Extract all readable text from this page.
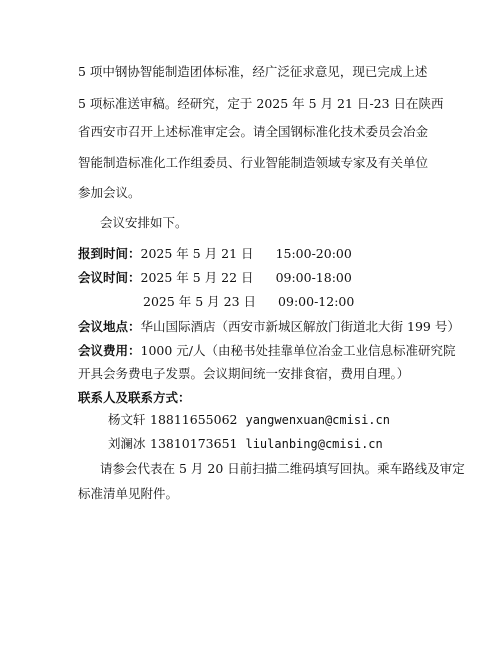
5 项中钢协智能制造团体标准，经广泛征求意见，现已完成上述
5 项标准送审稿。经研究，定于 2025 年 5 月 21 日-23 日在陕西
省西安市召开上述标准审定会。请全国钢标准化技术委员会冶金
智能制造标准化工作组委员、行业智能制造领域专家及有关单位
参加会议。
会议安排如下。
报到时间：2025 年 5 月 21 日 15:00-20:00
会议时间：2025 年 5 月 22 日 09:00-18:00
2025 年 5 月 23 日 09:00-12:00
会议地点：华山国际酒店（西安市新城区解放门街道北大街 199 号）
会议费用：1000 元/人（由秘书处挂靠单位冶金工业信息标准研究院
开具会务费电子发票。会议期间统一安排食宿，费用自理。）
联系人及联系方式：
杨文轩 18811655062 yangwenxuan@cmisi.cn
刘澜冰 13810173651 liulanbing@cmisi.cn
请参会代表在 5 月 20 日前扫描二维码填写回执。乘车路线及审定
标准清单见附件。
